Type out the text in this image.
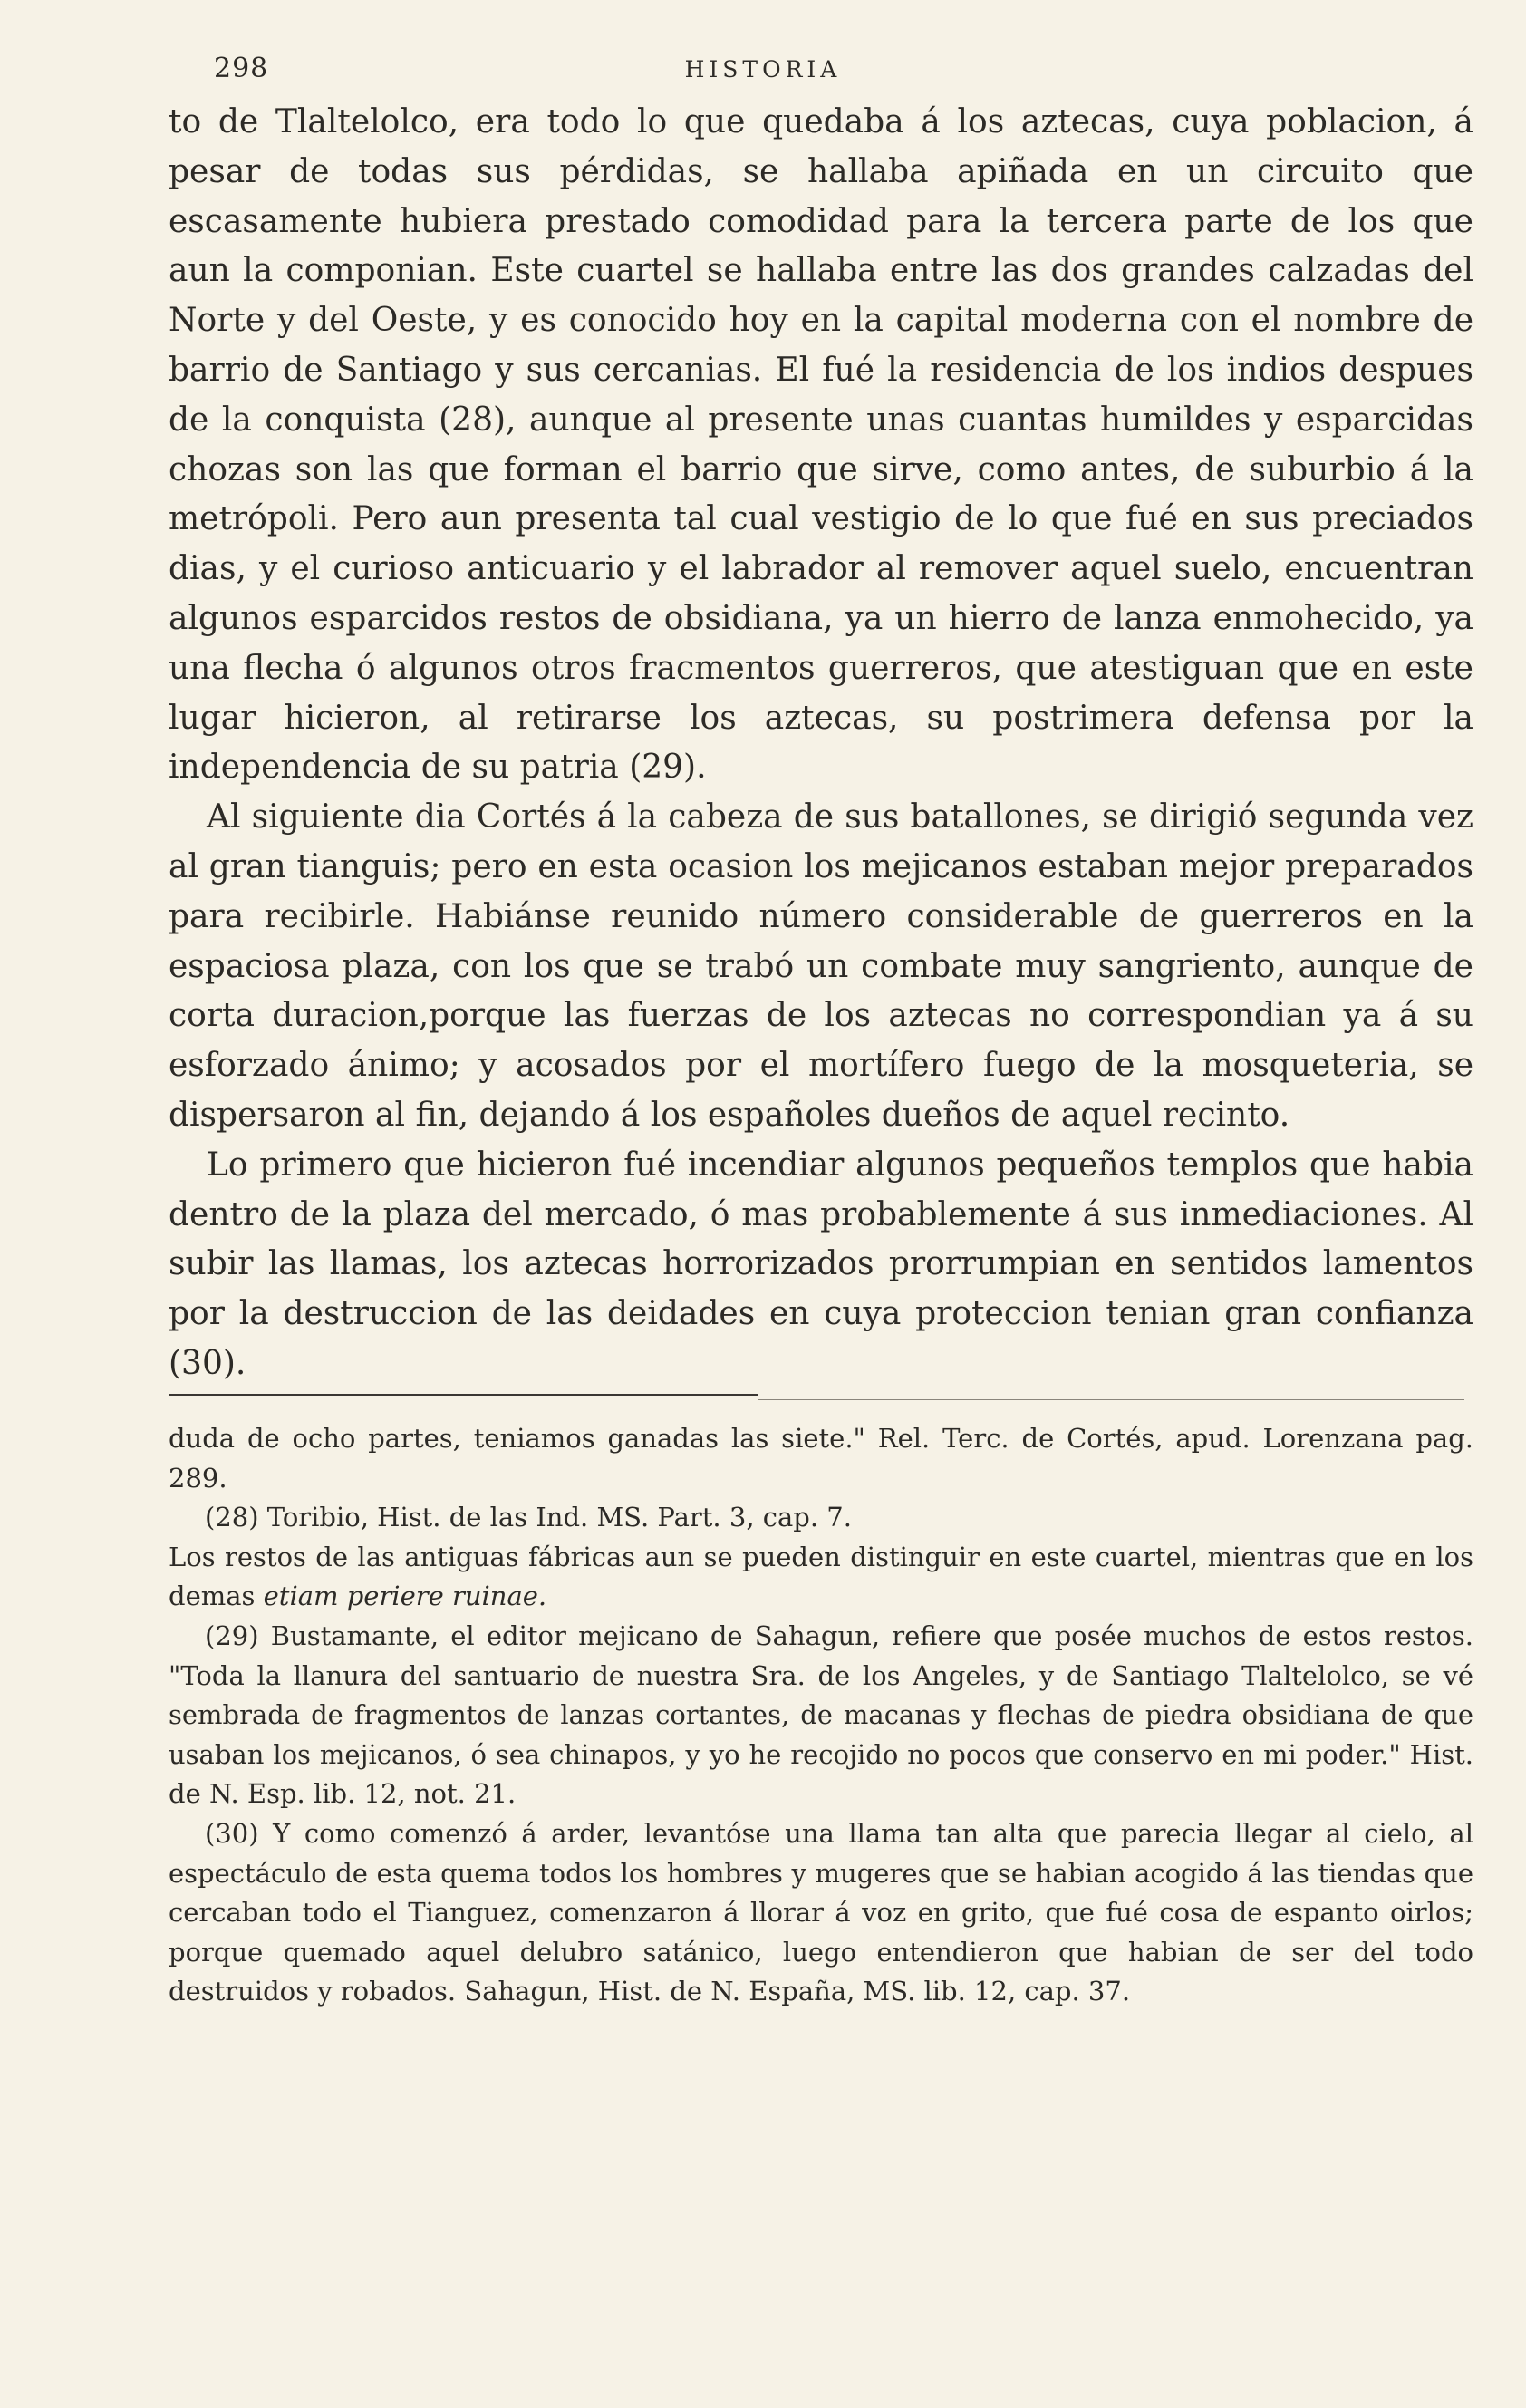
298	HISTORIA

to de Tlaltelolco, era todo lo que quedaba á los aztecas, cuya poblacion, á pesar de todas sus pérdidas, se hallaba apiñada en un circuito que escasamente hubiera prestado comodidad para la tercera parte de los que aun la componian. Este cuartel se hallaba entre las dos grandes calzadas del Norte y del Oeste, y es conocido hoy en la capital moderna con el nombre de barrio de Santiago y sus cercanias. El fué la residencia de los indios despues de la conquista (28), aunque al presente unas cuantas humildes y esparcidas chozas son las que forman el barrio que sirve, como antes, de suburbio á la metrópoli. Pero aun presenta tal cual vestigio de lo que fué en sus preciados dias, y el curioso anticuario y el labrador al remover aquel suelo, encuentran algunos esparcidos restos de obsidiana, ya un hierro de lanza enmohecido, ya una flecha ó algunos otros fracmentos guerreros, que atestiguan que en este lugar hicieron, al retirarse los aztecas, su postrimera defensa por la independencia de su patria (29).

Al siguiente dia Cortés á la cabeza de sus batallones, se dirigió segunda vez al gran tianguis; pero en esta ocasion los mejicanos estaban mejor preparados para recibirle. Habiánse reunido número considerable de guerreros en la espaciosa plaza, con los que se trabó un combate muy sangriento, aunque de corta duracion,porque las fuerzas de los aztecas no correspondian ya á su esforzado ánimo; y acosados por el mortífero fuego de la mosqueteria, se dispersaron al fin, dejando á los españoles dueños de aquel recinto.

Lo primero que hicieron fué incendiar algunos pequeños templos que habia dentro de la plaza del mercado, ó mas probablemente á sus inmediaciones. Al subir las llamas, los aztecas horrorizados prorrumpian en sentidos lamentos por la destruccion de las deidades en cuya proteccion tenian gran confianza (30).

duda de ocho partes, teniamos ganadas las siete." Rel. Terc. de Cortés, apud. Lorenzana pag. 289.

(28) Toribio, Hist. de las Ind. MS. Part. 3, cap. 7.

Los restos de las antiguas fábricas aun se pueden distinguir en este cuartel, mientras que en los demas etiam periere ruinae.

(29) Bustamante, el editor mejicano de Sahagun, refiere que posée muchos de estos restos. "Toda la llanura del santuario de nuestra Sra. de los Angeles, y de Santiago Tlaltelolco, se vé sembrada de fragmentos de lanzas cortantes, de macanas y flechas de piedra obsidiana de que usaban los mejicanos, ó sea chinapos, y yo he recojido no pocos que conservo en mi poder." Hist. de N. Esp. lib. 12, not. 21.

(30) Y como comenzó á arder, levantóse una llama tan alta que parecia llegar al cielo, al espectáculo de esta quema todos los hombres y mugeres que se habian acogido á las tiendas que cercaban todo el Tianguez, comenzaron á llorar á voz en grito, que fué cosa de espanto oirlos; porque quemado aquel delubro satánico, luego entendieron que habian de ser del todo destruidos y robados. Sahagun, Hist. de N. España, MS. lib. 12, cap. 37.
